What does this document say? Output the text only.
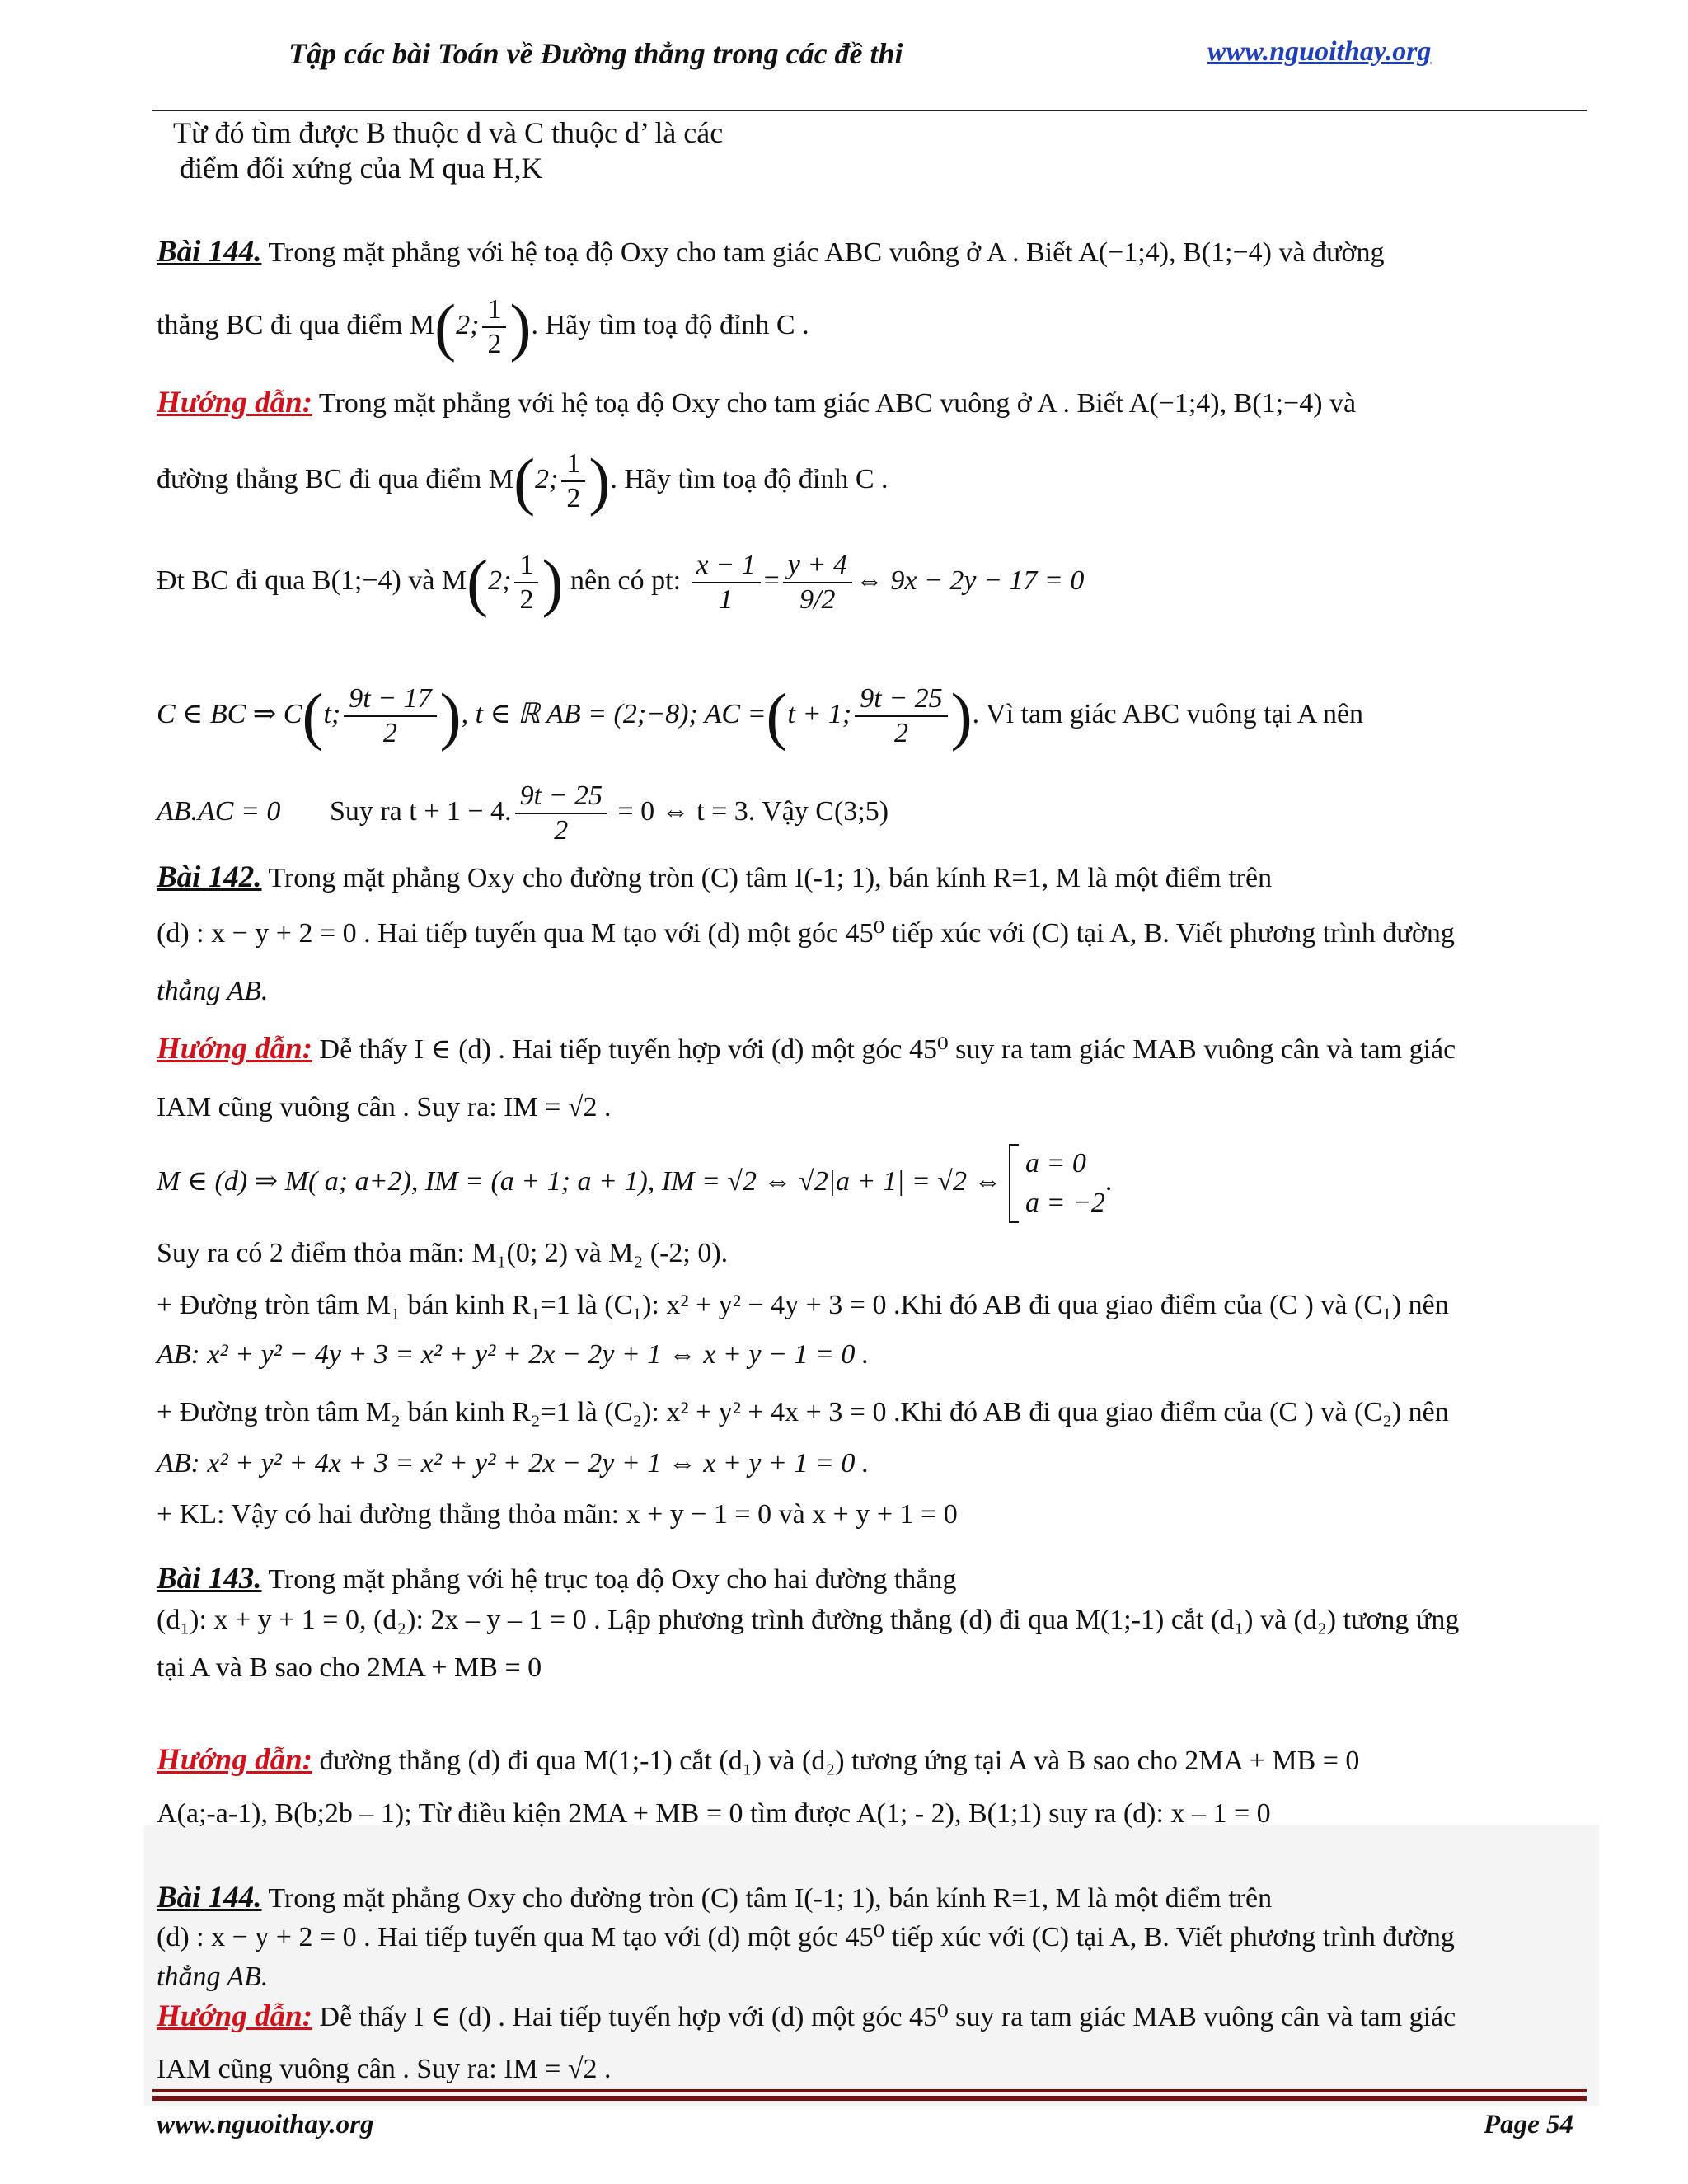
Tập các bài Toán về Đường thẳng trong các đề thi	www.nguoithay.org
Từ đó tìm được B thuộc d và C thuộc d’ là các
điểm đối xứng của M qua H,K
Bài 144. Trong mặt phẳng với hệ toạ độ Oxy cho tam giác ABC vuông ở A . Biết A(−1;4), B(1;−4) và đường
thẳng BC đi qua điểm M(2; $\frac{1}{2}$ ). Hãy tìm toạ độ đỉnh C .
Hướng dẫn: Trong mặt phẳng với hệ toạ độ Oxy cho tam giác ABC vuông ở A . Biết A(−1;4), B(1;−4) và
đường thẳng BC đi qua điểm M(2; $\frac{1}{2}$ ). Hãy tìm toạ độ đỉnh C .
Đt BC đi qua B(1;−4) và M(2; $\frac{1}{2}$ ) nên có pt: $\frac{x - 1}{1} = \frac{y + 4}{9/2}$ ⇔ 9x − 2y − 17 = 0
C ∈ BC ⇒ C(t; $\frac{9t - 17}{2}$ ), t ∈ ℝ AB = (2;−8); AC =(t + 1; $\frac{9t - 25}{2}$ ). Vì tam giác ABC vuông tại A nên
AB.AC = 0 Suy ra t + 1 − 4. $\frac{9t - 25}{2} = 0$ ⇔ t = 3. Vậy C(3;5)
Bài 142. Trong mặt phẳng Oxy cho đường tròn (C) tâm I(-1; 1), bán kính R=1, M là một điểm trên
(d) : x − y + 2 = 0 . Hai tiếp tuyến qua M tạo với (d) một góc 45⁰ tiếp xúc với (C) tại A, B. Viết phương trình đường
thẳng AB.
Hướng dẫn: Dễ thấy I ∈ (d) . Hai tiếp tuyến hợp với (d) một góc 45⁰ suy ra tam giác MAB vuông cân và tam giác
IAM cũng vuông cân . Suy ra: IM = √2 .
M ∈ (d) ⇒ M( a; a+2), IM = (a + 1; a + 1), IM = √2 ⇔ √2|a + 1| = √2 ⇔
a = 0
a = −2
.
Suy ra có 2 điểm thỏa mãn: M₁(0; 2) và M₂ (-2; 0).
+ Đường tròn tâm M₁ bán kinh R₁=1 là (C₁): x² + y² − 4y + 3 = 0 .Khi đó AB đi qua giao điểm của (C ) và (C₁) nên
AB: x² + y² − 4y + 3 = x² + y² + 2x − 2y + 1 ⇔ x + y − 1 = 0 .
+ Đường tròn tâm M₂ bán kinh R₂=1 là (C₂): x² + y² + 4x + 3 = 0 .Khi đó AB đi qua giao điểm của (C ) và (C₂) nên
AB: x² + y² + 4x + 3 = x² + y² + 2x − 2y + 1 ⇔ x + y + 1 = 0 .
+ KL: Vậy có hai đường thẳng thỏa mãn: x + y − 1 = 0 và x + y + 1 = 0
Bài 143. Trong mặt phẳng với hệ trục toạ độ Oxy cho hai đường thẳng
(d₁): x + y + 1 = 0, (d₂): 2x – y – 1 = 0 . Lập phương trình đường thẳng (d) đi qua M(1;-1) cắt (d₁) và (d₂) tương ứng
tại A và B sao cho 2MA + MB = 0
Hướng dẫn: đường thẳng (d) đi qua M(1;-1) cắt (d₁) và (d₂) tương ứng tại A và B sao cho 2MA + MB = 0
A(a;-a-1), B(b;2b – 1); Từ điều kiện 2MA + MB = 0 tìm được A(1; - 2), B(1;1) suy ra (d): x – 1 = 0
Bài 144. Trong mặt phẳng Oxy cho đường tròn (C) tâm I(-1; 1), bán kính R=1, M là một điểm trên
(d) : x − y + 2 = 0 . Hai tiếp tuyến qua M tạo với (d) một góc 45⁰ tiếp xúc với (C) tại A, B. Viết phương trình đường
thẳng AB.
Hướng dẫn: Dễ thấy I ∈ (d) . Hai tiếp tuyến hợp với (d) một góc 45⁰ suy ra tam giác MAB vuông cân và tam giác
IAM cũng vuông cân . Suy ra: IM = √2 .
www.nguoithay.org	Page 54
